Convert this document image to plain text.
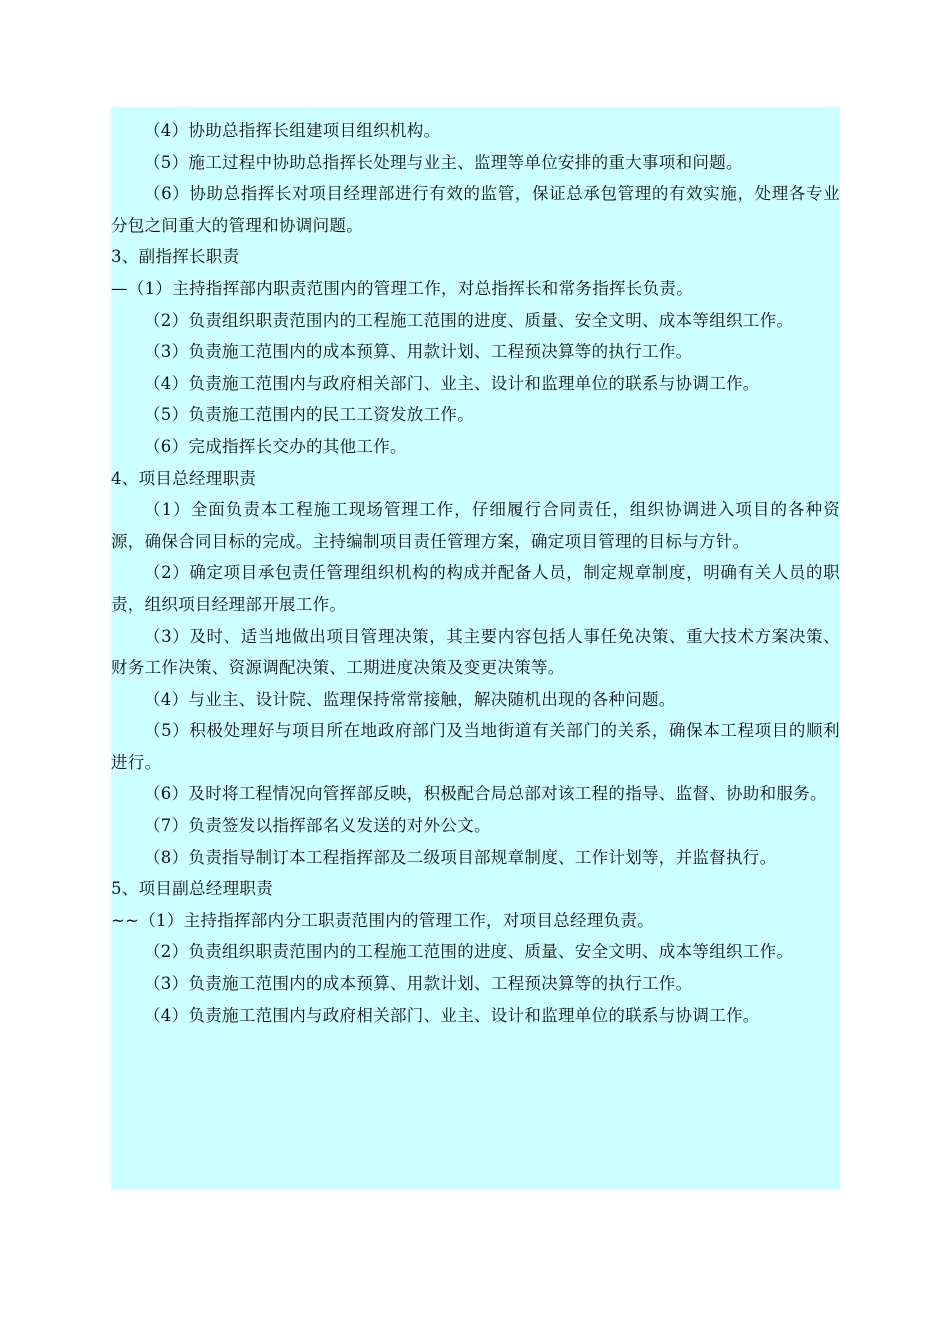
（4）协助总指挥长组建项目组织机构。

（5）施工过程中协助总指挥长处理与业主、监理等单位安排的重大事项和问题。

（6）协助总指挥长对项目经理部进行有效的监管，保证总承包管理的有效实施，处理各专业分包之间重大的管理和协调问题。

3、副指挥长职责

—（1）主持指挥部内职责范围内的管理工作，对总指挥长和常务指挥长负责。

（2）负责组织职责范围内的工程施工范围的进度、质量、安全文明、成本等组织工作。

（3）负责施工范围内的成本预算、用款计划、工程预决算等的执行工作。

（4）负责施工范围内与政府相关部门、业主、设计和监理单位的联系与协调工作。

（5）负责施工范围内的民工工资发放工作。

（6）完成指挥长交办的其他工作。

4、项目总经理职责

（1）全面负责本工程施工现场管理工作，仔细履行合同责任，组织协调进入项目的各种资源，确保合同目标的完成。主持编制项目责任管理方案，确定项目管理的目标与方针。

（2）确定项目承包责任管理组织机构的构成并配备人员，制定规章制度，明确有关人员的职责，组织项目经理部开展工作。

（3）及时、适当地做出项目管理决策，其主要内容包括人事任免决策、重大技术方案决策、财务工作决策、资源调配决策、工期进度决策及变更决策等。

（4）与业主、设计院、监理保持常常接触，解决随机出现的各种问题。

（5）积极处理好与项目所在地政府部门及当地街道有关部门的关系，确保本工程项目的顺利进行。

（6）及时将工程情况向管挥部反映，积极配合局总部对该工程的指导、监督、协助和服务。

（7）负责签发以指挥部名义发送的对外公文。

（8）负责指导制订本工程指挥部及二级项目部规章制度、工作计划等，并监督执行。

5、项目副总经理职责

~~（1）主持指挥部内分工职责范围内的管理工作，对项目总经理负责。

（2）负责组织职责范围内的工程施工范围的进度、质量、安全文明、成本等组织工作。

（3）负责施工范围内的成本预算、用款计划、工程预决算等的执行工作。

（4）负责施工范围内与政府相关部门、业主、设计和监理单位的联系与协调工作。
